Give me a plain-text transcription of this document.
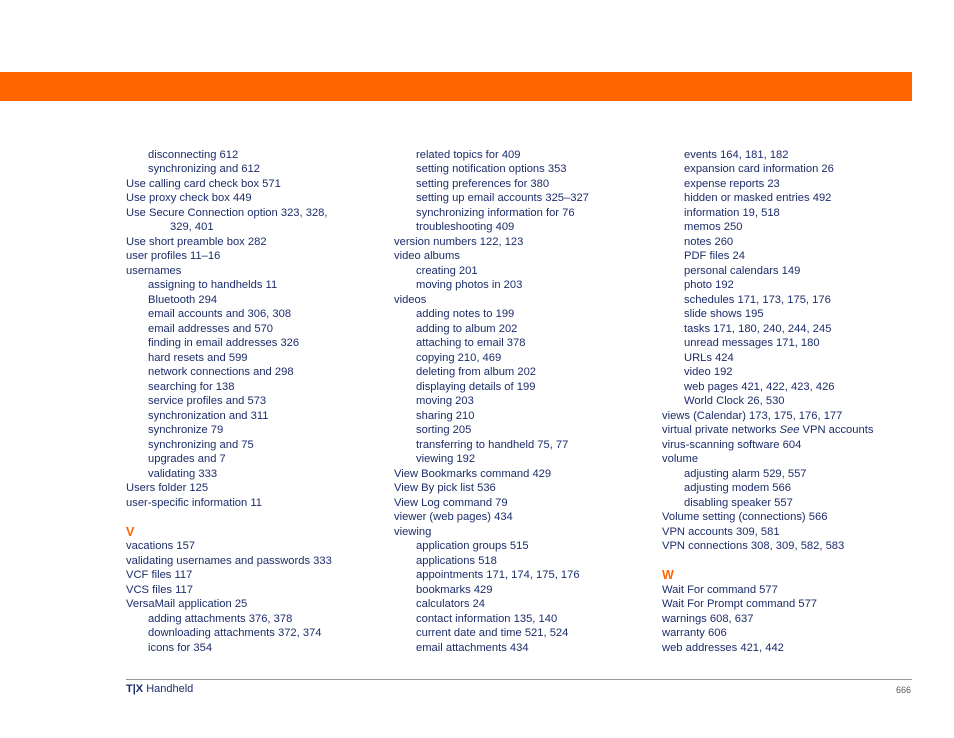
disconnecting 612
synchronizing and 612
Use calling card check box 571
Use proxy check box 449
Use Secure Connection option 323, 328,
329, 401
Use short preamble box 282
user profiles 11–16
usernames
assigning to handhelds 11
Bluetooth 294
email accounts and 306, 308
email addresses and 570
finding in email addresses 326
hard resets and 599
network connections and 298
searching for 138
service profiles and 573
synchronization and 311
synchronize 79
synchronizing and 75
upgrades and 7
validating 333
Users folder 125
user-specific information 11
V
vacations 157
validating usernames and passwords 333
VCF files 117
VCS files 117
VersaMail application 25
adding attachments 376, 378
downloading attachments 372, 374
icons for 354
related topics for 409
setting notification options 353
setting preferences for 380
setting up email accounts 325–327
synchronizing information for 76
troubleshooting 409
version numbers 122, 123
video albums
creating 201
moving photos in 203
videos
adding notes to 199
adding to album 202
attaching to email 378
copying 210, 469
deleting from album 202
displaying details of 199
moving 203
sharing 210
sorting 205
transferring to handheld 75, 77
viewing 192
View Bookmarks command 429
View By pick list 536
View Log command 79
viewer (web pages) 434
viewing
application groups 515
applications 518
appointments 171, 174, 175, 176
bookmarks 429
calculators 24
contact information 135, 140
current date and time 521, 524
email attachments 434
events 164, 181, 182
expansion card information 26
expense reports 23
hidden or masked entries 492
information 19, 518
memos 250
notes 260
PDF files 24
personal calendars 149
photo 192
schedules 171, 173, 175, 176
slide shows 195
tasks 171, 180, 240, 244, 245
unread messages 171, 180
URLs 424
video 192
web pages 421, 422, 423, 426
World Clock 26, 530
views (Calendar) 173, 175, 176, 177
virtual private networks See VPN accounts
virus-scanning software 604
volume
adjusting alarm 529, 557
adjusting modem 566
disabling speaker 557
Volume setting (connections) 566
VPN accounts 309, 581
VPN connections 308, 309, 582, 583
W
Wait For command 577
Wait For Prompt command 577
warnings 608, 637
warranty 606
web addresses 421, 442
T|X Handheld	666
